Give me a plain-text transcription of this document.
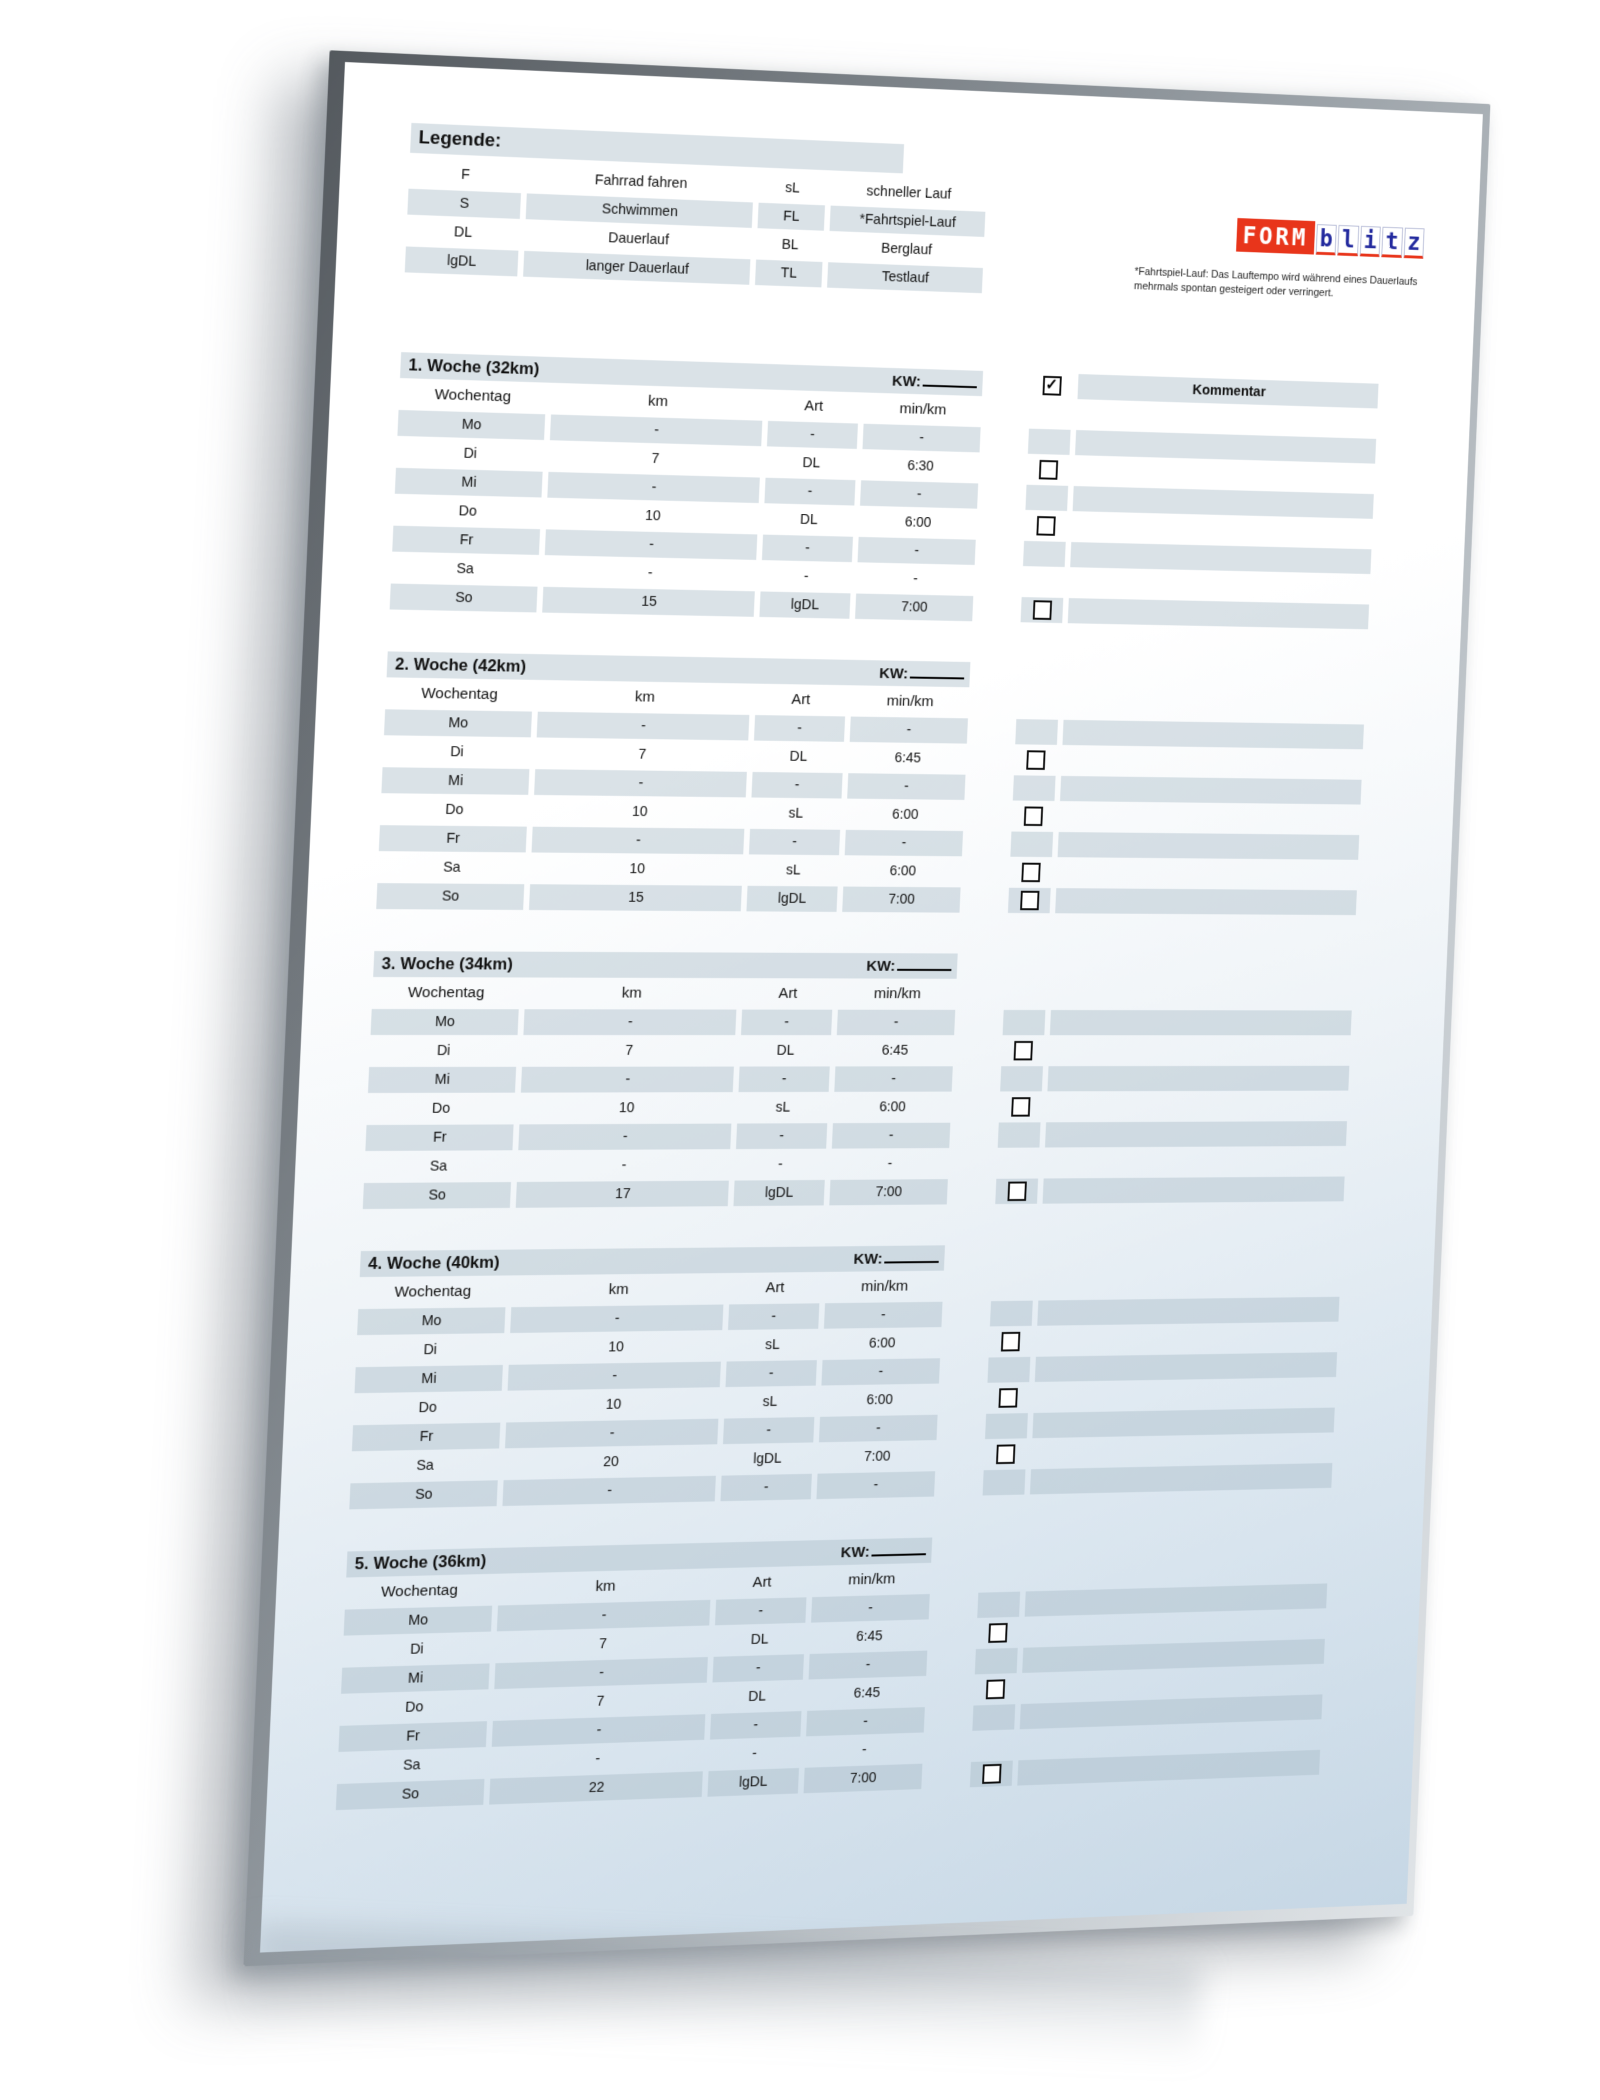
Legende:
F	Fahrrad fahren	sL	schneller Lauf
S	Schwimmen	FL	*Fahrtspiel-Lauf
DL	Dauerlauf	BL	Berglauf
lgDL	langer Dauerlauf	TL	Testlauf
FORM b l i t z
*Fahrtspiel-Lauf: Das Lauftempo wird während eines Dauerlaufs mehrmals spontan gesteigert oder verringert.
1. Woche (32km)
KW:
✓
Kommentar
Wochentag	km	Art	min/km
Mo	-	-	-
Di	7	DL	6:30
Mi	-	-	-
Do	10	DL	6:00
Fr	-	-	-
Sa	-	-	-
So	15	lgDL	7:00
2. Woche (42km)	KW:
Wochentag	km	Art	min/km
Mo	-	-	-
Di	7	DL	6:45
Mi	-	-	-
Do	10	sL	6:00
Fr	-	-	-
Sa	10	sL	6:00
So	15	lgDL	7:00
3. Woche (34km)	KW:
Wochentag	km	Art	min/km
Mo	-	-	-
Di	7	DL	6:45
Mi	-	-	-
Do	10	sL	6:00
Fr	-	-	-
Sa	-	-	-
So	17	lgDL	7:00
4. Woche (40km)	KW:
Wochentag	km	Art	min/km
Mo	-	-	-
Di	10	sL	6:00
Mi	-	-	-
Do	10	sL	6:00
Fr	-	-	-
Sa	20	lgDL	7:00
So	-	-	-
5. Woche (36km)	KW:
Wochentag	km	Art	min/km
Mo	-	-	-
Di	7	DL	6:45
Mi	-	-	-
Do	7	DL	6:45
Fr	-	-	-
Sa	-	-	-
So	22	lgDL	7:00
